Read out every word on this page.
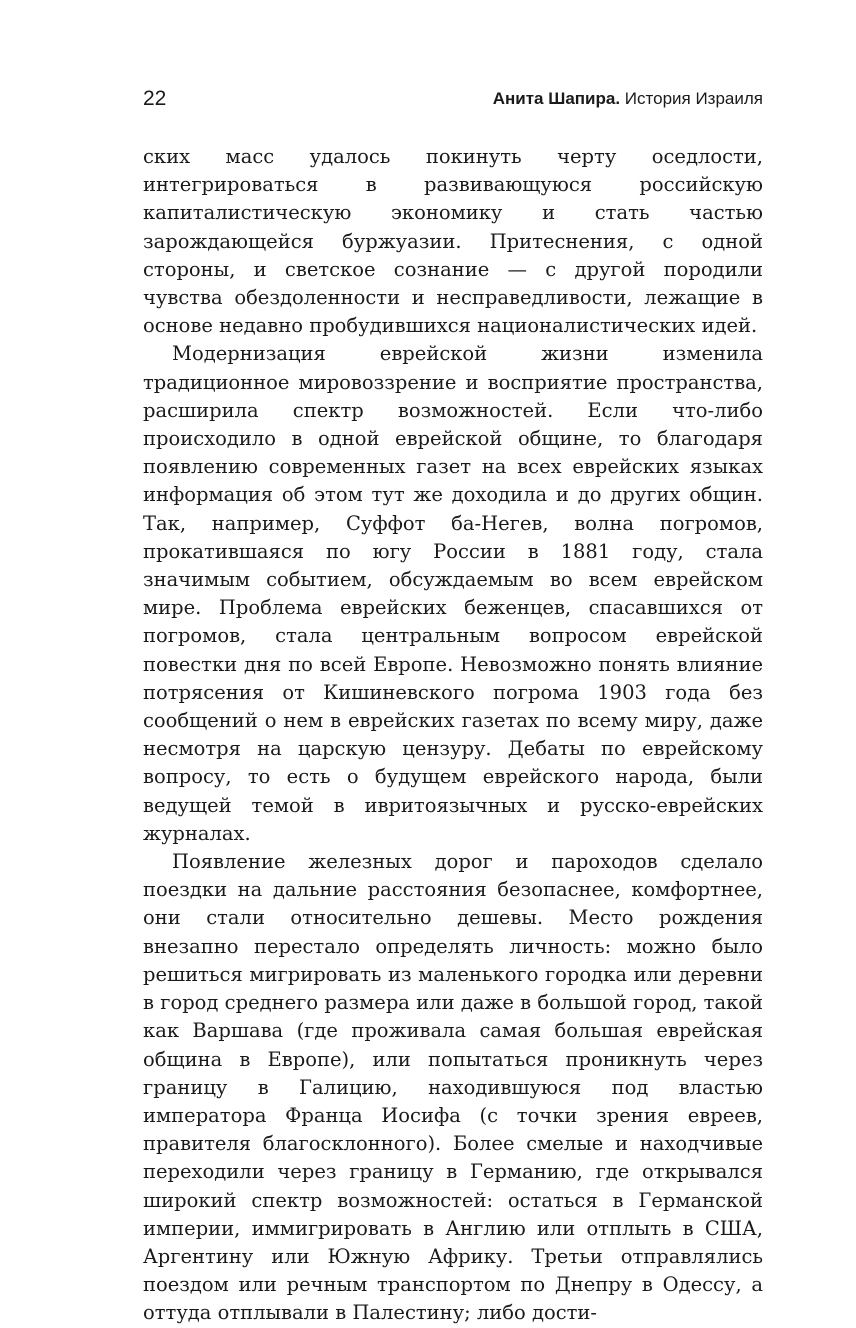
22	Анита Шапира. История Израиля

ских масс удалось покинуть черту оседлости, интегрироваться в развивающуюся российскую капиталистическую экономику и стать частью зарождающейся буржуазии. Притеснения, с одной стороны, и светское сознание — с другой породили чувства обездоленности и несправедливости, лежащие в основе недавно пробудившихся националистических идей.

Модернизация еврейской жизни изменила традиционное мировоззрение и восприятие пространства, расширила спектр возможностей. Если что-либо происходило в одной еврейской общине, то благодаря появлению современных газет на всех еврейских языках информация об этом тут же доходила и до других общин. Так, например, Суффот ба-Негев, волна погромов, прокатившаяся по югу России в 1881 году, стала значимым событием, обсуждаемым во всем еврейском мире. Проблема еврейских беженцев, спасавшихся от погромов, стала центральным вопросом еврейской повестки дня по всей Европе. Невозможно понять влияние потрясения от Кишиневского погрома 1903 года без сообщений о нем в еврейских газетах по всему миру, даже несмотря на царскую цензуру. Дебаты по еврейскому вопросу, то есть о будущем еврейского народа, были ведущей темой в ивритоязычных и русско-еврейских журналах.

Появление железных дорог и пароходов сделало поездки на дальние расстояния безопаснее, комфортнее, они стали относительно дешевы. Место рождения внезапно перестало определять личность: можно было решиться мигрировать из маленького городка или деревни в город среднего размера или даже в большой город, такой как Варшава (где проживала самая большая еврейская община в Европе), или попытаться проникнуть через границу в Галицию, находившуюся под властью императора Франца Иосифа (с точки зрения евреев, правителя благосклонного). Более смелые и находчивые переходили через границу в Германию, где открывался широкий спектр возможностей: остаться в Германской империи, иммигрировать в Англию или отплыть в США, Аргентину или Южную Африку. Третьи отправлялись поездом или речным транспортом по Днепру в Одессу, а оттуда отплывали в Палестину; либо дости-
